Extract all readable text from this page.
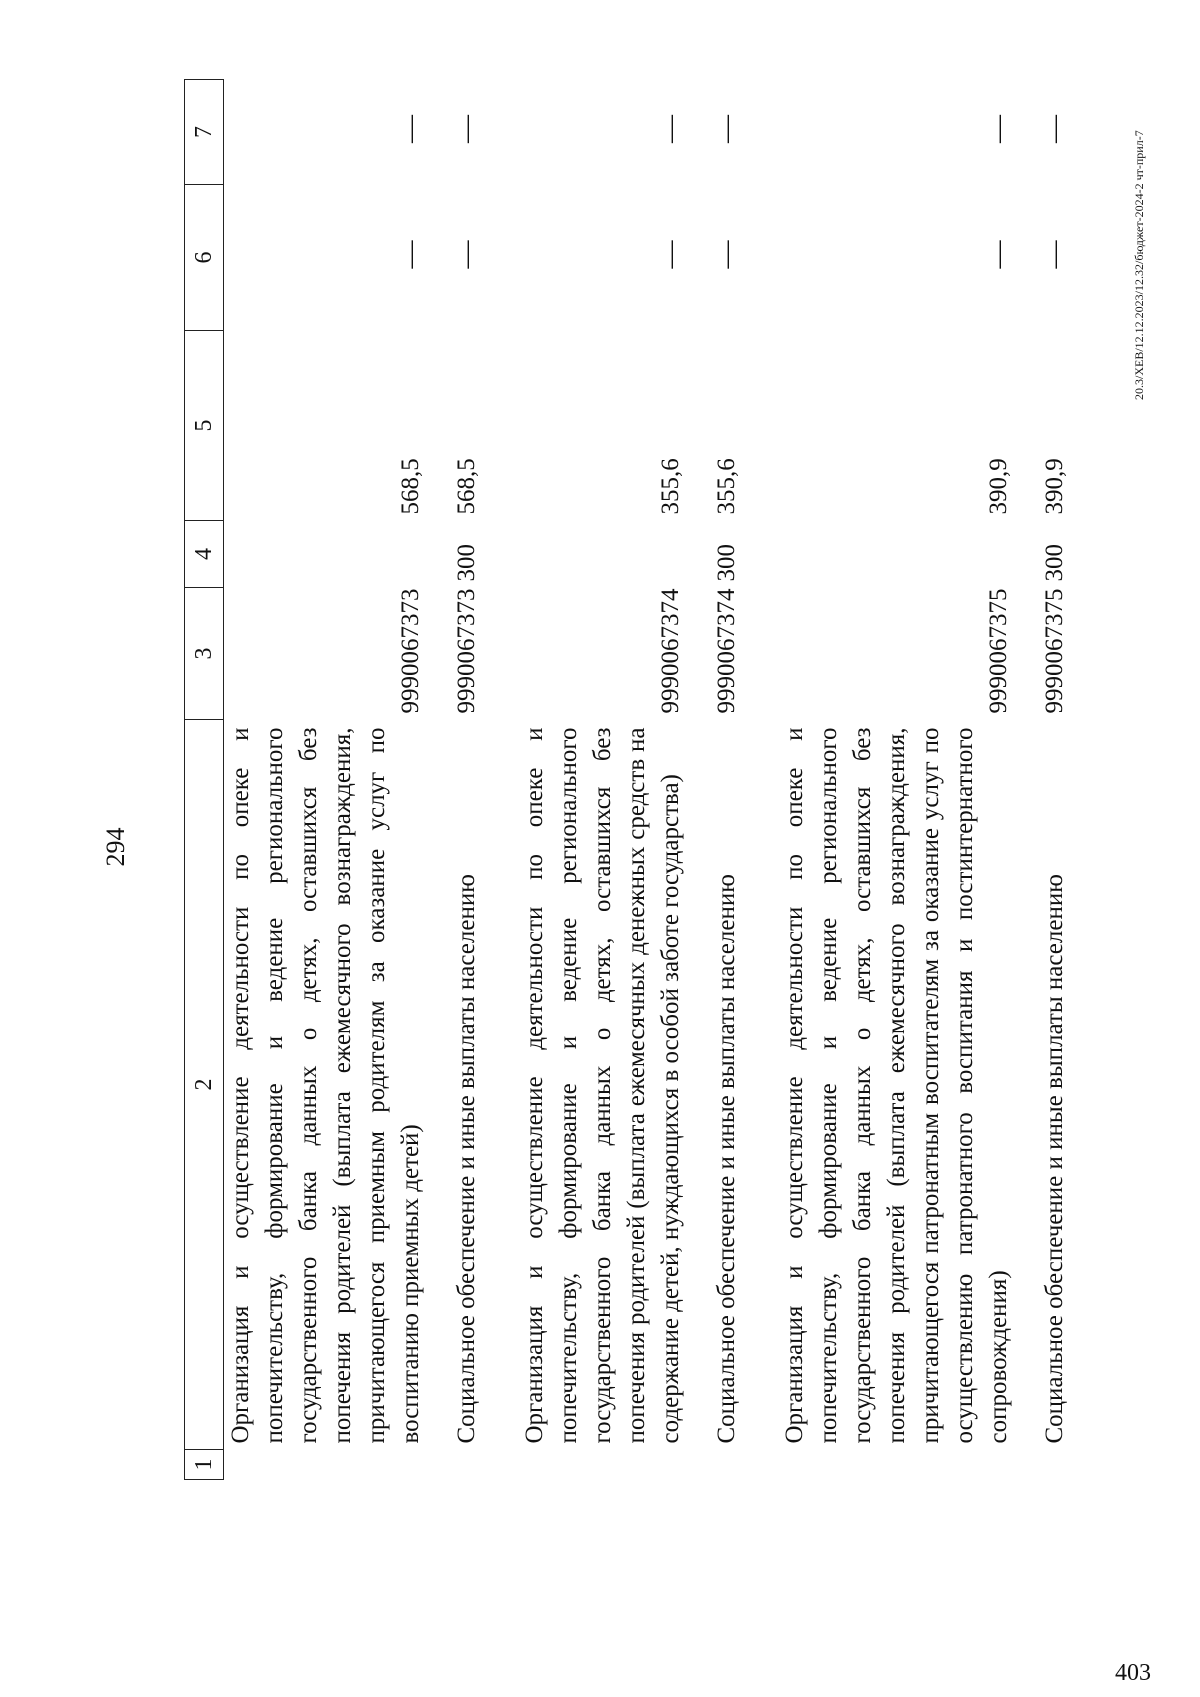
294
403
20.3/XEB/12.12.2023/12.32/бюджет-2024-2 чт-прил-7
1	2	3	4	5	6	7
	Организация и осуществление деятельности по опеке и попечительству, формирование и ведение регионального государственного банка данных о детях, оставшихся без попечения родителей (выплата ежемесячного вознаграждения, причитающегося приемным родителям за оказание услуг по воспитанию приемных детей)	9990067373		568,5	—	—

	Социальное обеспечение и иные выплаты населению	9990067373	300	568,5	—	—

	Организация и осуществление деятельности по опеке и попечительству, формирование и ведение регионального государственного банка данных о детях, оставшихся без попечения родителей (выплата ежемесячных денежных средств на содержание детей, нуждающихся в особой заботе государства)	9990067374		355,6	—	—

	Социальное обеспечение и иные выплаты населению	9990067374	300	355,6	—	—

	Организация и осуществление деятельности по опеке и попечительству, формирование и ведение регионального государственного банка данных о детях, оставшихся без попечения родителей (выплата ежемесячного вознаграждения, причитающегося патронатным воспитателям за оказание услуг по осуществлению патронатного воспитания и постинтернатного сопровождения)	9990067375		390,9	—	—

	Социальное обеспечение и иные выплаты населению	9990067375	300	390,9	—	—
